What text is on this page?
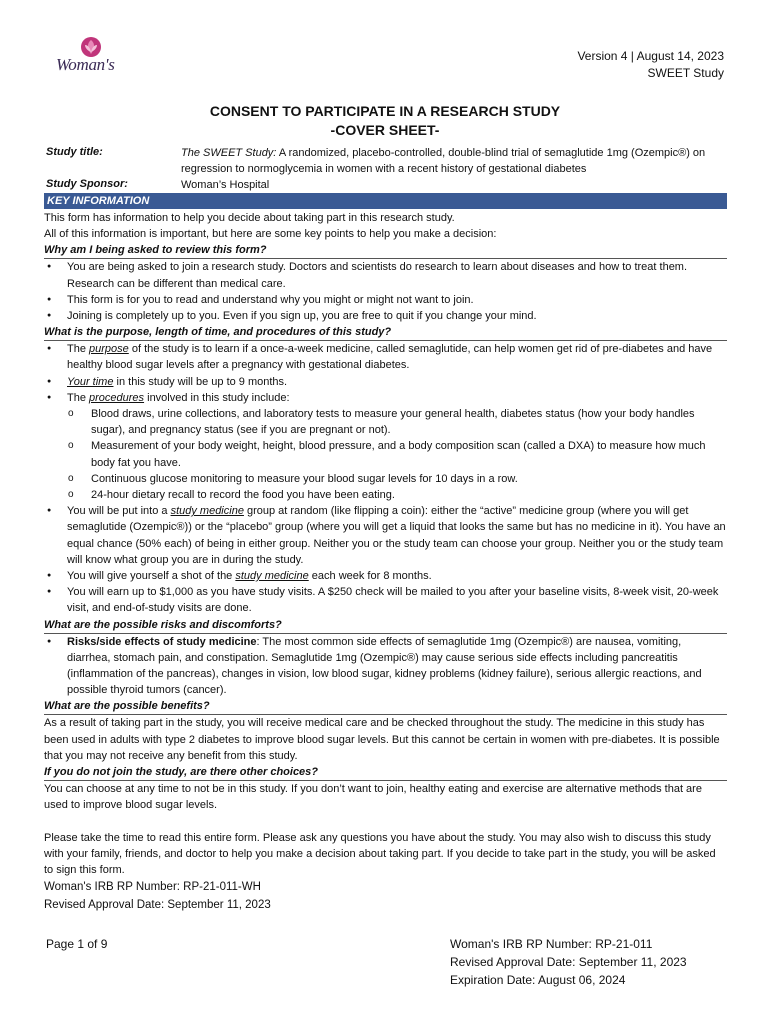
Woman's	Version 4 | August 14, 2023
SWEET Study
CONSENT TO PARTICIPATE IN A RESEARCH STUDY
-COVER SHEET-
Study title:	The SWEET Study: A randomized, placebo-controlled, double-blind trial of semaglutide 1mg (Ozempic®) on regression to normoglycemia in women with a recent history of gestational diabetes
Study Sponsor:	Woman’s Hospital
KEY INFORMATION

This form has information to help you decide about taking part in this research study.

All of this information is important, but here are some key points to help you make a decision:

Why am I being asked to review this form?
● You are being asked to join a research study. Doctors and scientists do research to learn about diseases and how to treat them. Research can be different than medical care.
● This form is for you to read and understand why you might or might not want to join.
● Joining is completely up to you. Even if you sign up, you are free to quit if you change your mind.
What is the purpose, length of time, and procedures of this study?
● The purpose of the study is to learn if a once-a-week medicine, called semaglutide, can help women get rid of pre-diabetes and have healthy blood sugar levels after a pregnancy with gestational diabetes.
● Your time in this study will be up to 9 months.
● The procedures involved in this study include:
o Blood draws, urine collections, and laboratory tests to measure your general health, diabetes status (how your body handles sugar), and pregnancy status (see if you are pregnant or not).
o Measurement of your body weight, height, blood pressure, and a body composition scan (called a DXA) to measure how much body fat you have.
o Continuous glucose monitoring to measure your blood sugar levels for 10 days in a row.
o 24-hour dietary recall to record the food you have been eating.
● You will be put into a study medicine group at random (like flipping a coin): either the “active” medicine group (where you will get semaglutide (Ozempic®)) or the “placebo” group (where you will get a liquid that looks the same but has no medicine in it). You have an equal chance (50% each) of being in either group. Neither you or the study team can choose your group. Neither you or the study team will know what group you are in during the study.
● You will give yourself a shot of the study medicine each week for 8 months.
● You will earn up to $1,000 as you have study visits. A $250 check will be mailed to you after your baseline visits, 8-week visit, 20-week visit, and end-of-study visits are done.
What are the possible risks and discomforts?
● Risks/side effects of study medicine: The most common side effects of semaglutide 1mg (Ozempic®) are nausea, vomiting, diarrhea, stomach pain, and constipation. Semaglutide 1mg (Ozempic®) may cause serious side effects including pancreatitis (inflammation of the pancreas), changes in vision, low blood sugar, kidney problems (kidney failure), serious allergic reactions, and possible thyroid tumors (cancer).
What are the possible benefits?

As a result of taking part in the study, you will receive medical care and be checked throughout the study. The medicine in this study has been used in adults with type 2 diabetes to improve blood sugar levels. But this cannot be certain in women with pre-diabetes. It is possible that you may not receive any benefit from this study.

If you do not join the study, are there other choices?

You can choose at any time to not be in this study. If you don’t want to join, healthy eating and exercise are alternative methods that are used to improve blood sugar levels.

Please take the time to read this entire form. Please ask any questions you have about the study. You may also wish to discuss this study with your family, friends, and doctor to help you make a decision about taking part. If you decide to take part in the study, you will be asked to sign this form.

Woman's IRB RP Number: RP-21-011-WH

Revised Approval Date: September 11, 2023

Page 1 of 9	Woman's IRB RP Number: RP-21-011
Revised Approval Date: September 11, 2023
Expiration Date: August 06, 2024
